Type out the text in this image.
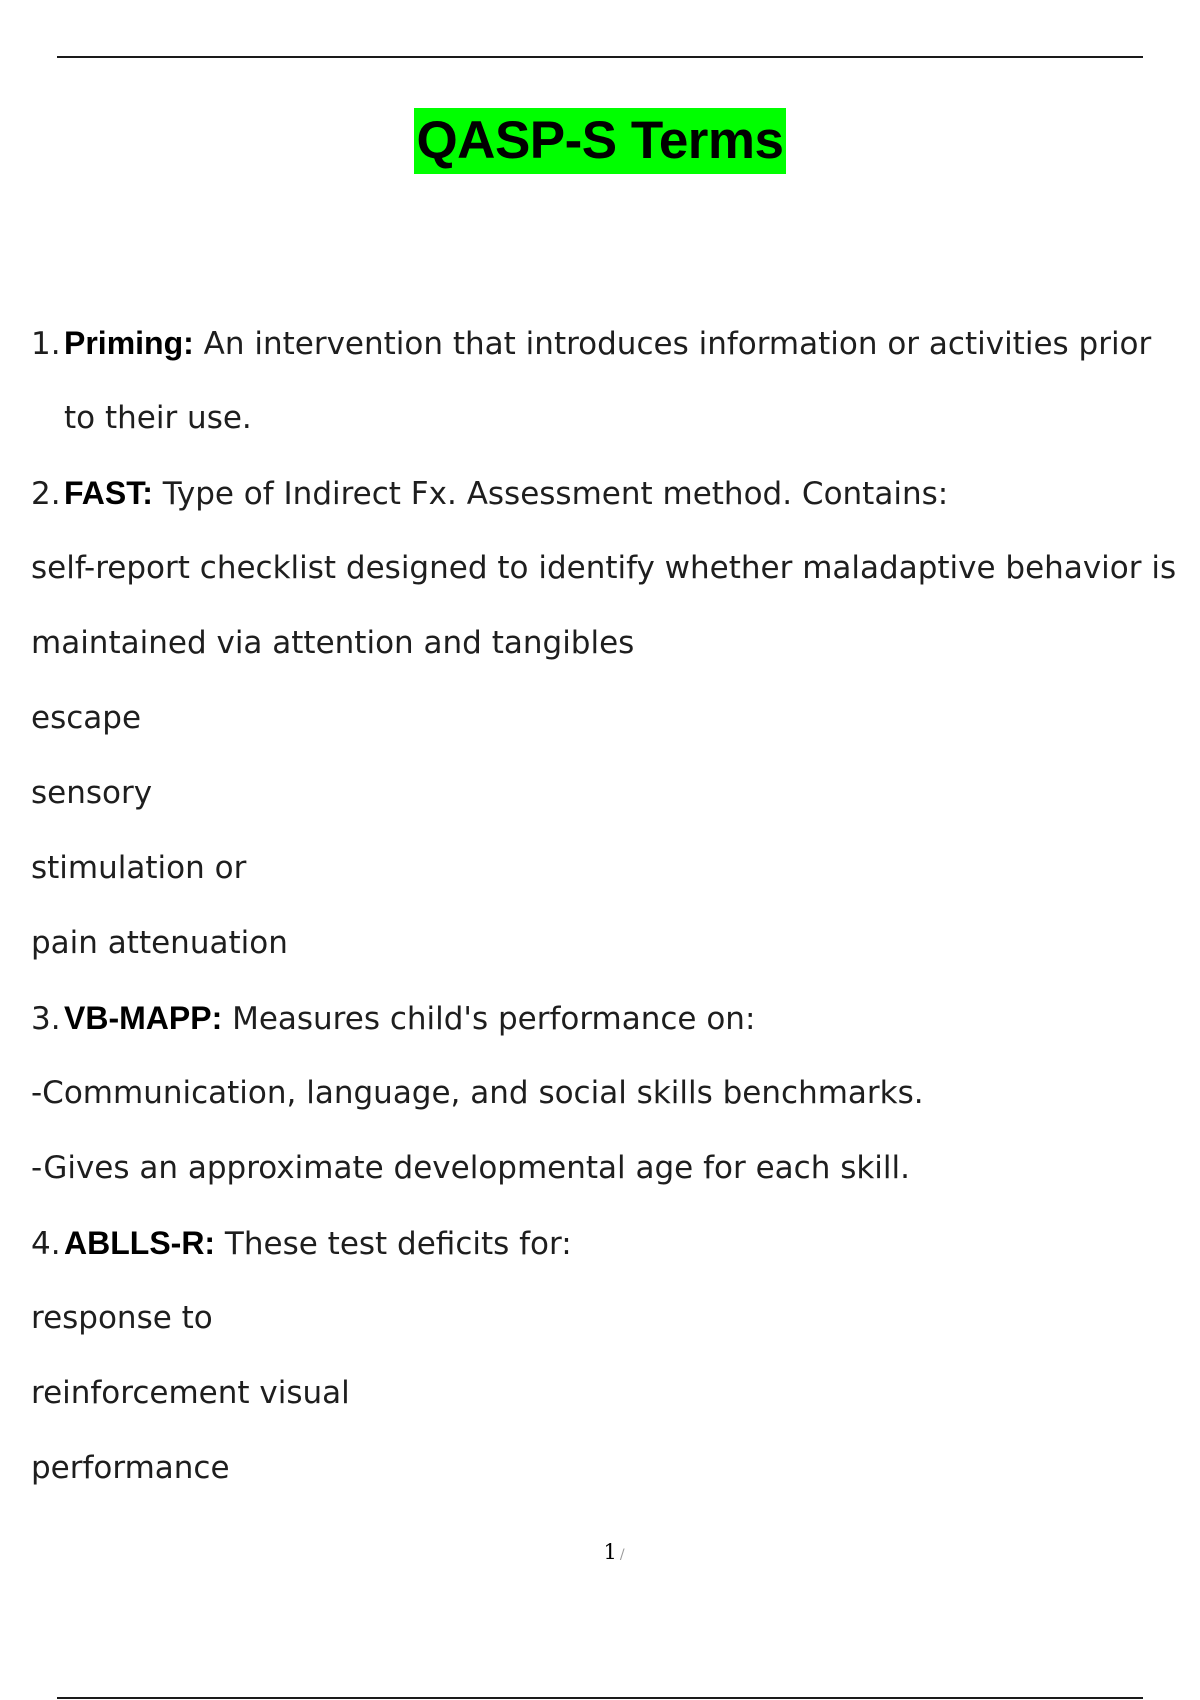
QASP-S Terms
1. Priming: An intervention that introduces information or activities prior
to their use.
2. FAST: Type of Indirect Fx. Assessment method. Contains:
self-report checklist designed to identify whether maladaptive behavior is
maintained via attention and tangibles
escape
sensory
stimulation or
pain attenuation
3. VB-MAPP: Measures child's performance on:
-Communication, language, and social skills benchmarks.
-Gives an approximate developmental age for each skill.
4. ABLLS-R: These test deficits for:
response to
reinforcement visual
performance
1 /
